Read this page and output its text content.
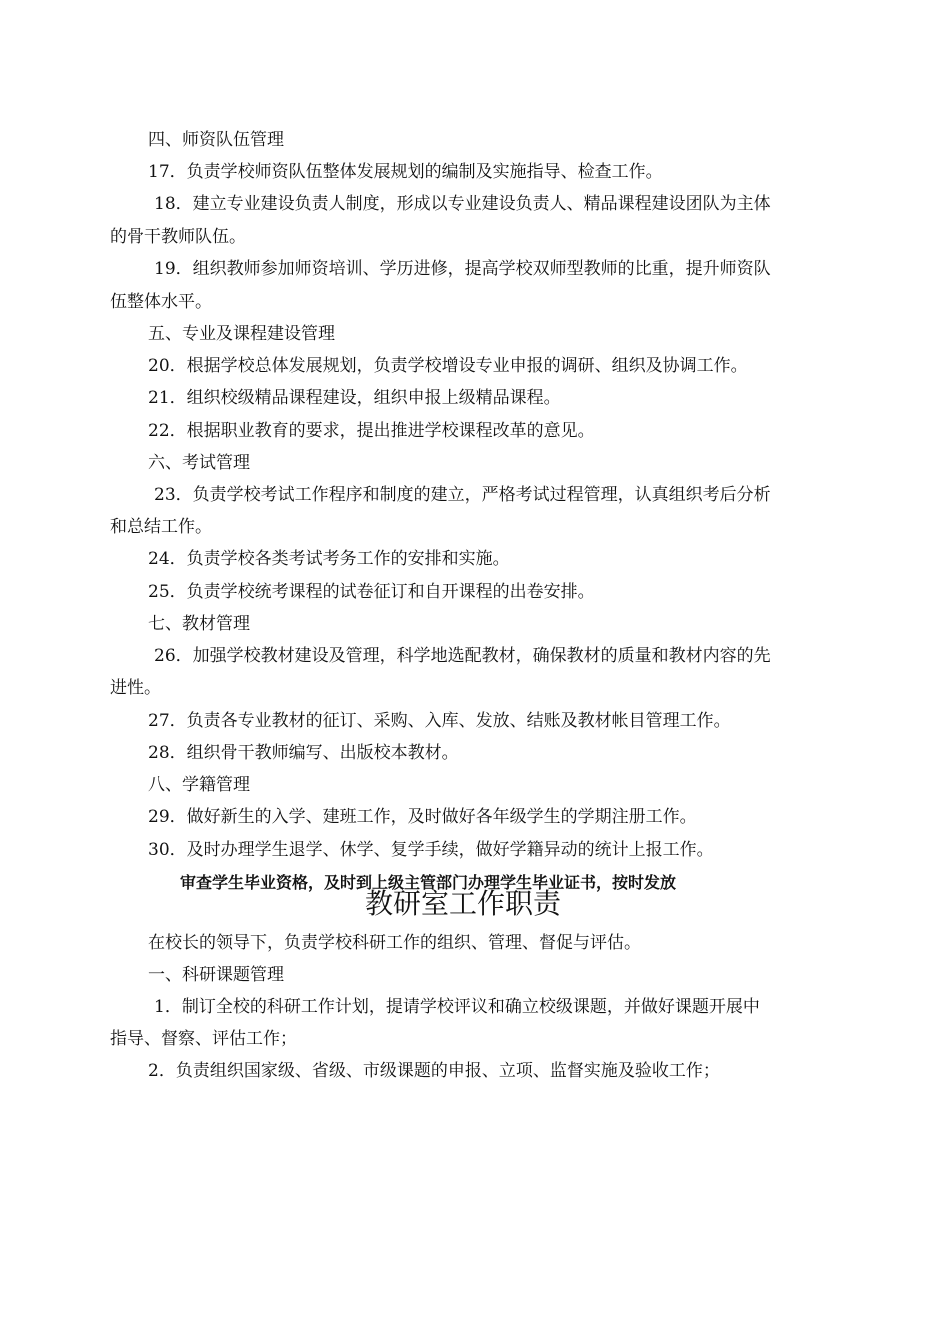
四、师资队伍管理
17．负责学校师资队伍整体发展规划的编制及实施指导、检查工作。
18．建立专业建设负责人制度，形成以专业建设负责人、精品课程建设团队为主体
的骨干教师队伍。
19．组织教师参加师资培训、学历进修，提高学校双师型教师的比重，提升师资队
伍整体水平。
五、专业及课程建设管理
20．根据学校总体发展规划，负责学校增设专业申报的调研、组织及协调工作。
21．组织校级精品课程建设，组织申报上级精品课程。
22．根据职业教育的要求，提出推进学校课程改革的意见。
六、考试管理
23．负责学校考试工作程序和制度的建立，严格考试过程管理，认真组织考后分析
和总结工作。
24．负责学校各类考试考务工作的安排和实施。
25．负责学校统考课程的试卷征订和自开课程的出卷安排。
七、教材管理
26．加强学校教材建设及管理，科学地选配教材，确保教材的质量和教材内容的先
进性。
27．负责各专业教材的征订、采购、入库、发放、结账及教材帐目管理工作。
28．组织骨干教师编写、出版校本教材。
八、学籍管理
29．做好新生的入学、建班工作，及时做好各年级学生的学期注册工作。
30．及时办理学生退学、休学、复学手续，做好学籍异动的统计上报工作。
审查学生毕业资格，及时到上级主管部门办理学生毕业证书，按时发放
教研室工作职责
在校长的领导下，负责学校科研工作的组织、管理、督促与评估。
一、科研课题管理
1．制订全校的科研工作计划，提请学校评议和确立校级课题，并做好课题开展中
指导、督察、评估工作；
2．负责组织国家级、省级、市级课题的申报、立项、监督实施及验收工作；
